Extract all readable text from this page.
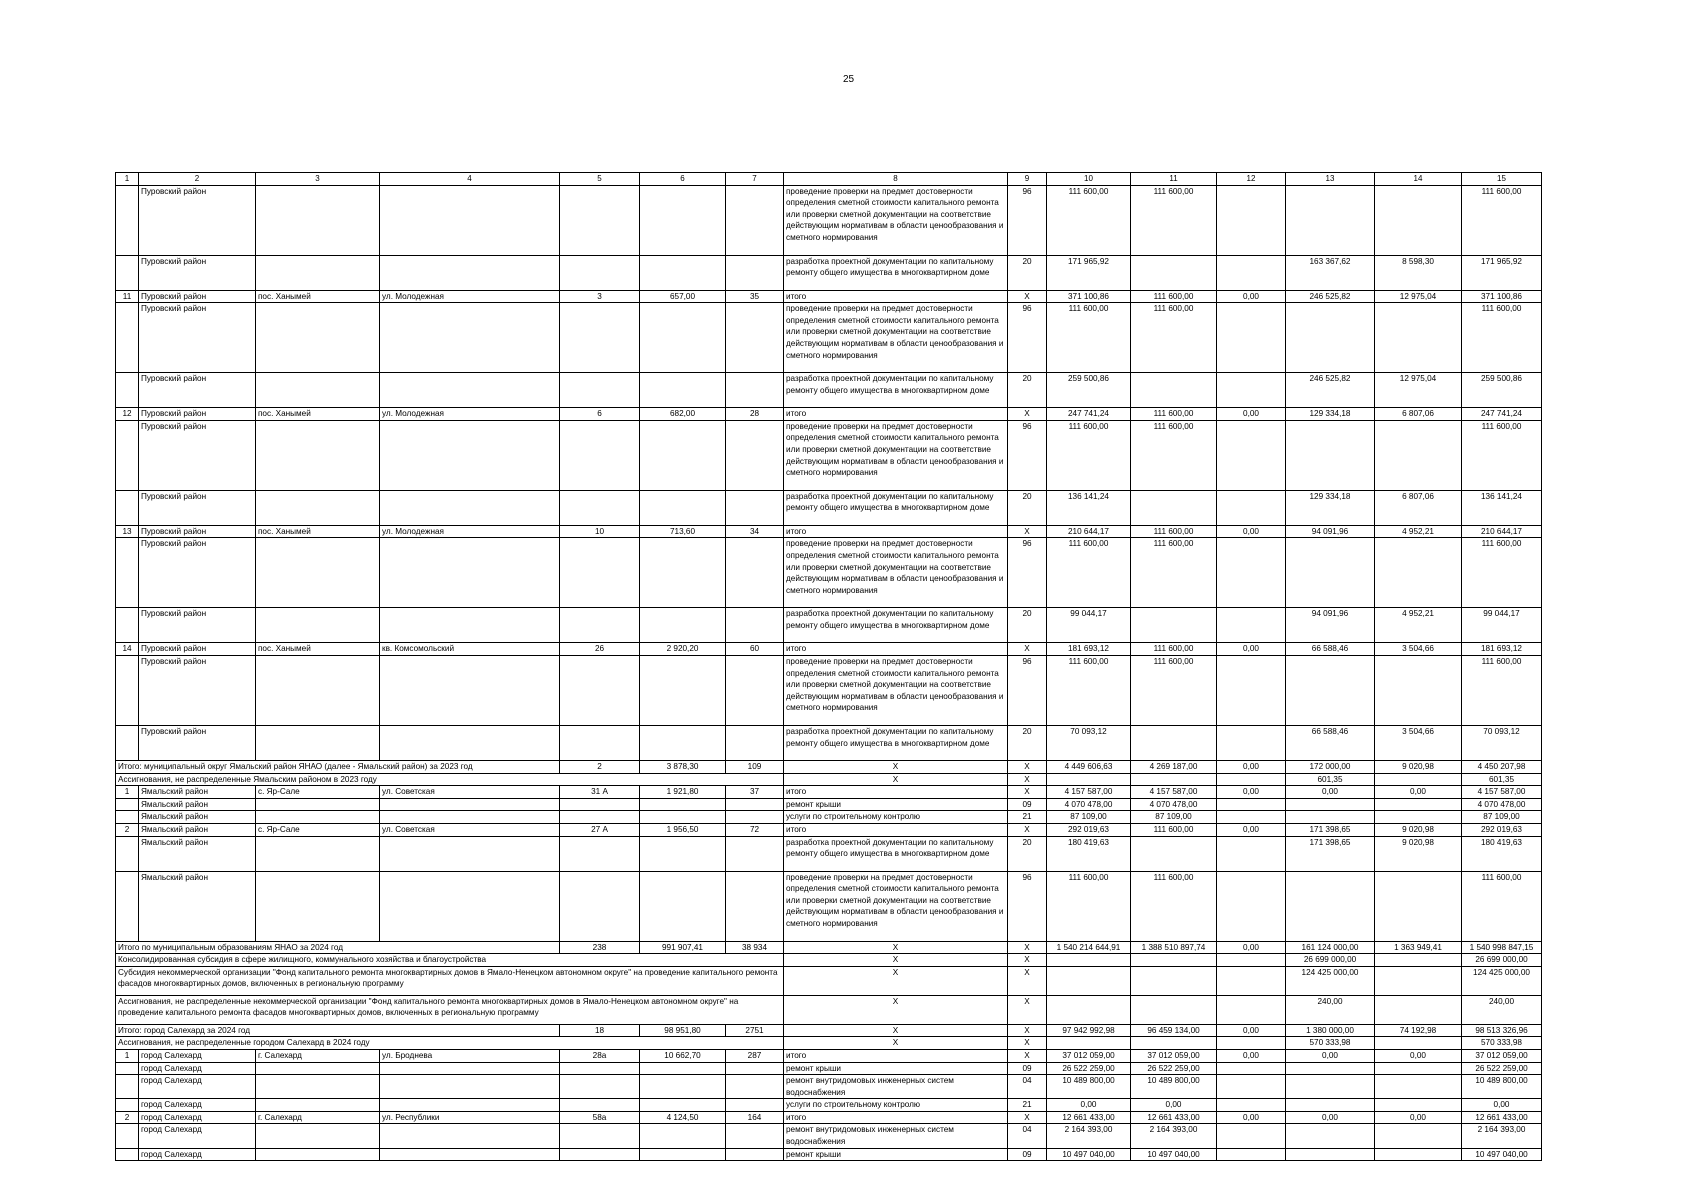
25
1	2	3	4	5	6	7	8	9	10	11	12	13	14	15
	Пуровский район						проведение проверки на предмет достоверности определения сметной стоимости капитального ремонта или проверки сметной документации на соответствие действующим нормативам в области ценообразования и сметного нормирования	96	111 600,00	111 600,00				111 600,00
	Пуровский район						разработка проектной документации по капитальному ремонту общего имущества в многоквартирном доме	20	171 965,92			163 367,62	8 598,30	171 965,92
11	Пуровский район	пос. Ханымей	ул. Молодежная	3	657,00	35	итого	X	371 100,86	111 600,00	0,00	246 525,82	12 975,04	371 100,86
	Пуровский район						проведение проверки на предмет достоверности определения сметной стоимости капитального ремонта или проверки сметной документации на соответствие действующим нормативам в области ценообразования и сметного нормирования	96	111 600,00	111 600,00				111 600,00
	Пуровский район						разработка проектной документации по капитальному ремонту общего имущества в многоквартирном доме	20	259 500,86			246 525,82	12 975,04	259 500,86
12	Пуровский район	пос. Ханымей	ул. Молодежная	6	682,00	28	итого	X	247 741,24	111 600,00	0,00	129 334,18	6 807,06	247 741,24
	Пуровский район						проведение проверки на предмет достоверности определения сметной стоимости капитального ремонта или проверки сметной документации на соответствие действующим нормативам в области ценообразования и сметного нормирования	96	111 600,00	111 600,00				111 600,00
	Пуровский район						разработка проектной документации по капитальному ремонту общего имущества в многоквартирном доме	20	136 141,24			129 334,18	6 807,06	136 141,24
13	Пуровский район	пос. Ханымей	ул. Молодежная	10	713,60	34	итого	X	210 644,17	111 600,00	0,00	94 091,96	4 952,21	210 644,17
	Пуровский район						проведение проверки на предмет достоверности определения сметной стоимости капитального ремонта или проверки сметной документации на соответствие действующим нормативам в области ценообразования и сметного нормирования	96	111 600,00	111 600,00				111 600,00
	Пуровский район						разработка проектной документации по капитальному ремонту общего имущества в многоквартирном доме	20	99 044,17			94 091,96	4 952,21	99 044,17
14	Пуровский район	пос. Ханымей	кв. Комсомольский	26	2 920,20	60	итого	X	181 693,12	111 600,00	0,00	66 588,46	3 504,66	181 693,12
	Пуровский район						проведение проверки на предмет достоверности определения сметной стоимости капитального ремонта или проверки сметной документации на соответствие действующим нормативам в области ценообразования и сметного нормирования	96	111 600,00	111 600,00				111 600,00
	Пуровский район						разработка проектной документации по капитальному ремонту общего имущества в многоквартирном доме	20	70 093,12			66 588,46	3 504,66	70 093,12
Итого: муниципальный округ Ямальский район ЯНАО (далее - Ямальский район) за 2023 год				2	3 878,30	109	X	X	4 449 606,63	4 269 187,00	0,00	172 000,00	9 020,98	4 450 207,98
Ассигнования, не распределенные Ямальским районом в 2023 году							X	X				601,35		601,35
1	Ямальский район	с. Яр-Сале	ул. Советская	31 А	1 921,80	37	итого	X	4 157 587,00	4 157 587,00	0,00	0,00	0,00	4 157 587,00
	Ямальский район						ремонт крыши	09	4 070 478,00	4 070 478,00				4 070 478,00
	Ямальский район						услуги по строительному контролю	21	87 109,00	87 109,00				87 109,00
2	Ямальский район	с. Яр-Сале	ул. Советская	27 А	1 956,50	72	итого	X	292 019,63	111 600,00	0,00	171 398,65	9 020,98	292 019,63
	Ямальский район						разработка проектной документации по капитальному ремонту общего имущества в многоквартирном доме	20	180 419,63			171 398,65	9 020,98	180 419,63
	Ямальский район						проведение проверки на предмет достоверности определения сметной стоимости капитального ремонта или проверки сметной документации на соответствие действующим нормативам в области ценообразования и сметного нормирования	96	111 600,00	111 600,00				111 600,00
Итого по муниципальным образованиям ЯНАО за 2024 год				238	991 907,41	38 934	X	X	1 540 214 644,91	1 388 510 897,74	0,00	161 124 000,00	1 363 949,41	1 540 998 847,15
Консолидированная субсидия в сфере жилищного, коммунального хозяйства и благоустройства							X	X				26 699 000,00		26 699 000,00
Субсидия некоммерческой организации "Фонд капитального ремонта многоквартирных домов в Ямало-Ненецком автономном округе" на проведение капитального ремонта фасадов многоквартирных домов, включенных в региональную программу							X	X				124 425 000,00		124 425 000,00
Ассигнования, не распределенные некоммерческой организации "Фонд капитального ремонта многоквартирных домов в Ямало-Ненецком автономном округе" на проведение капитального ремонта фасадов многоквартирных домов, включенных в региональную программу							X	X				240,00		240,00
Итого: город Салехард за 2024 год				18	98 951,80	2751	X	X	97 942 992,98	96 459 134,00	0,00	1 380 000,00	74 192,98	98 513 326,96
Ассигнования, не распределенные городом Салехард в 2024 году							X	X				570 333,98		570 333,98
1	город Салехард	г. Салехард	ул. Броднева	28а	10 662,70	287	итого	X	37 012 059,00	37 012 059,00	0,00	0,00	0,00	37 012 059,00
	город Салехард						ремонт крыши	09	26 522 259,00	26 522 259,00				26 522 259,00
	город Салехард						ремонт внутридомовых инженерных систем водоснабжения	04	10 489 800,00	10 489 800,00				10 489 800,00
	город Салехард						услуги по строительному контролю	21	0,00	0,00				0,00
2	город Салехард	г. Салехард	ул. Республики	58а	4 124,50	164	итого	X	12 661 433,00	12 661 433,00	0,00	0,00	0,00	12 661 433,00
	город Салехард						ремонт внутридомовых инженерных систем водоснабжения	04	2 164 393,00	2 164 393,00				2 164 393,00
	город Салехард						ремонт крыши	09	10 497 040,00	10 497 040,00				10 497 040,00
